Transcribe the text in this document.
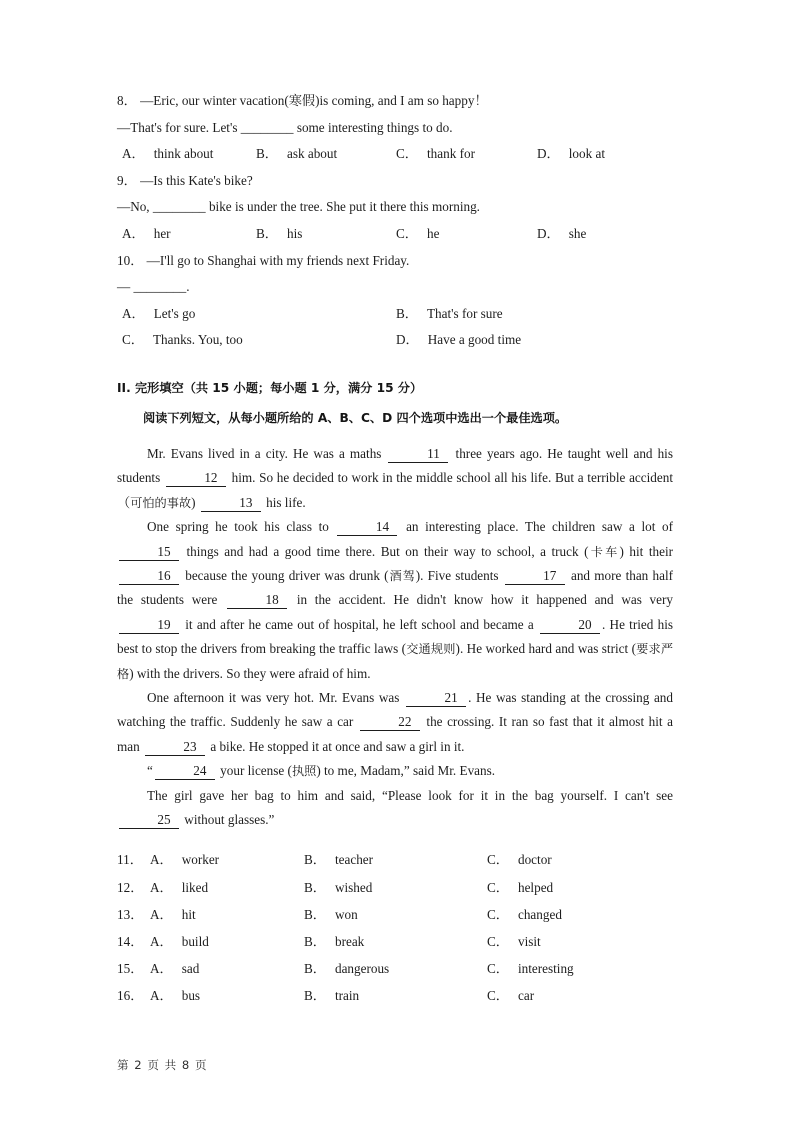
8． —Eric, our winter vacation(寒假)is coming, and I am so happy！
—That's for sure. Let's ________ some interesting things to do.
A． think about	B． ask about	C． thank for	D． look at
9． —Is this Kate's bike?
—No, ________ bike is under the tree. She put it there this morning.
A． her	B． his	C． he	D． she
10． —I'll go to Shanghai with my friends next Friday.
— ________.
A． Let's go	B． That's for sure
C． Thanks. You, too	D． Have a good time
II. 完形填空（共 15 小题；每小题 1 分，满分 15 分）
阅读下列短文，从每小题所给的 A、B、C、D 四个选项中选出一个最佳选项。

Mr. Evans lived in a city. He was a maths	11 three years ago. He taught well and his students	12 him. So he decided to work in the middle school all his life. But a terrible accident（可怕的事故)	13 his life.

One spring he took his class to	14 an interesting place. The children saw a lot of 15 things and had a good time there. But on their way to school, a truck (卡车) hit their 16 because the young driver was drunk (酒驾). Five students	17 and more than half the students were	18 in the accident. He didn't know how it happened and was very 19 it and after he came out of hospital, he left school and became a	20 . He tried his best to stop the drivers from breaking the traffic laws (交通规则). He worked hard and was strict (要求严格) with the drivers. So they were afraid of him.

One afternoon it was very hot. Mr. Evans was	21 . He was standing at the crossing and watching the traffic. Suddenly he saw a car	22 the crossing. It ran so fast that it almost hit a man	23 a bike. He stopped it at once and saw a girl in it.

“	24 your license (执照) to me, Madam,” said Mr. Evans.

The girl gave her bag to him and said, “Please look for it in the bag yourself. I can't see 25 without glasses.”

11． A． worker	B． teacher	C． doctor
12． A． liked	B． wished	C． helped
13． A． hit	B． won	C． changed
14． A． build	B． break	C． visit
15． A． sad	B． dangerous	C． interesting
16． A． bus	B． train	C． car
第 2 页 共 8 页
